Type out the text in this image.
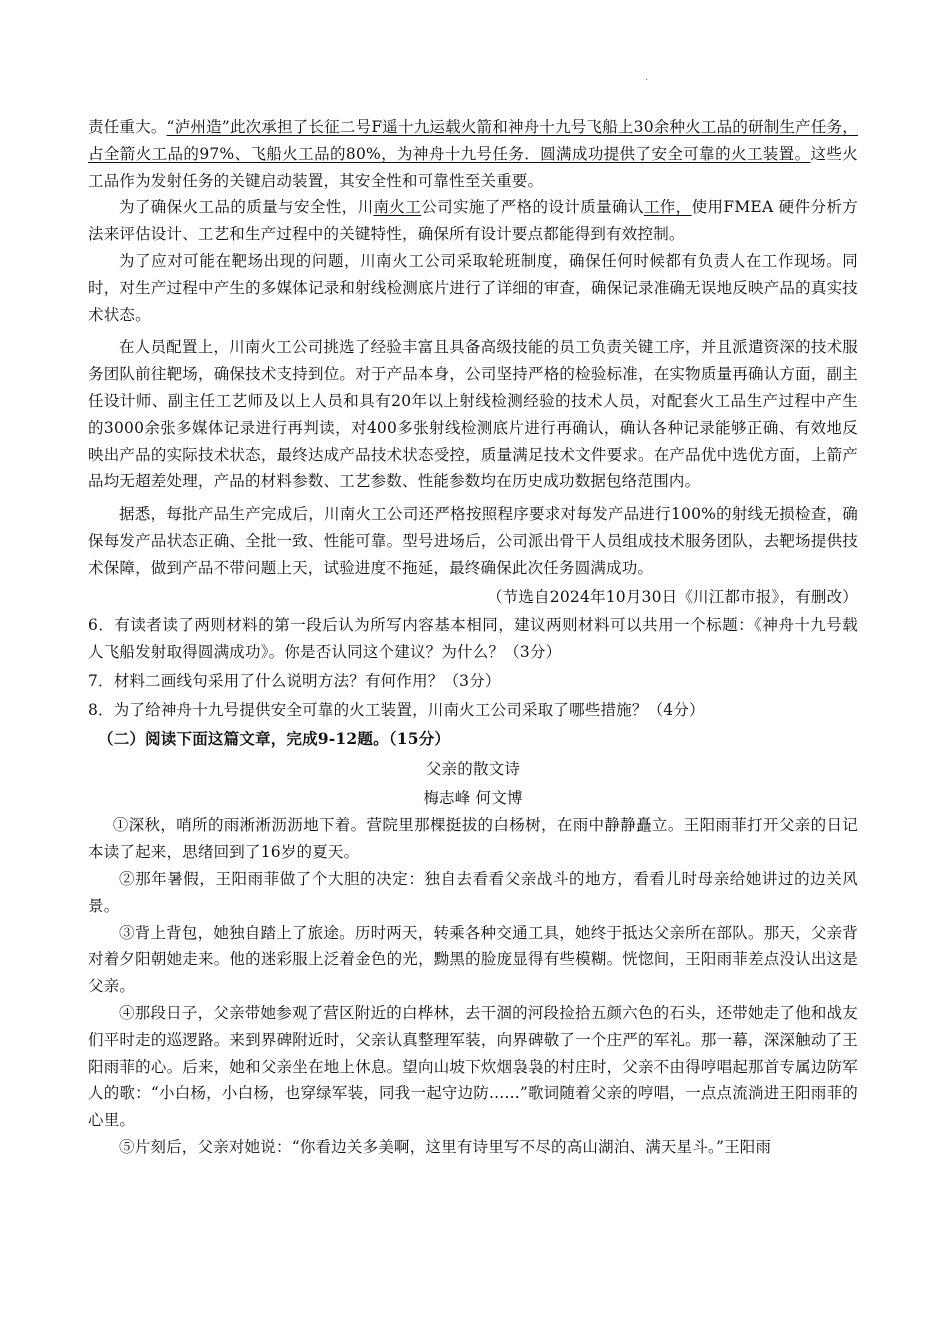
.

责任重大。“泸州造”此次承担了长征二号F遥十九运载火箭和神舟十九号飞船上30余种火工品的研制生产任务，占全箭火工品的97%、飞船火工品的80%，为神舟十九号任务．圆满成功提供了安全可靠的火工装置。这些火工品作为发射任务的关键启动装置，其安全性和可靠性至关重要。

为了确保火工品的质量与安全性，川南火工公司实施了严格的设计质量确认工作，使用FMEA 硬件分析方法来评估设计、工艺和生产过程中的关键特性，确保所有设计要点都能得到有效控制。

为了应对可能在靶场出现的问题，川南火工公司采取轮班制度，确保任何时候都有负责人在工作现场。同时，对生产过程中产生的多媒体记录和射线检测底片进行了详细的审查，确保记录准确无误地反映产品的真实技术状态。

在人员配置上，川南火工公司挑选了经验丰富且具备高级技能的员工负责关键工序，并且派遣资深的技术服务团队前往靶场，确保技术支持到位。对于产品本身，公司坚持严格的检验标准，在实物质量再确认方面，副主任设计师、副主任工艺师及以上人员和具有20年以上射线检测经验的技术人员，对配套火工品生产过程中产生的3000余张多媒体记录进行再判读，对400多张射线检测底片进行再确认，确认各种记录能够正确、有效地反映出产品的实际技术状态，最终达成产品技术状态受控，质量满足技术文件要求。在产品优中选优方面，上箭产品均无超差处理，产品的材料参数、工艺参数、性能参数均在历史成功数据包络范围内。

据悉，每批产品生产完成后，川南火工公司还严格按照程序要求对每发产品进行100%的射线无损检查，确保每发产品状态正确、全批一致、性能可靠。型号进场后，公司派出骨干人员组成技术服务团队，去靶场提供技术保障，做到产品不带问题上天，试验进度不拖延，最终确保此次任务圆满成功。

（节选自2024年10月30日《川江都市报》，有删改）

6．有读者读了两则材料的第一段后认为所写内容基本相同，建议两则材料可以共用一个标题：《神舟十九号载人飞船发射取得圆满成功》。你是否认同这个建议？为什么？（3分）

7．材料二画线句采用了什么说明方法？有何作用？（3分）

8．为了给神舟十九号提供安全可靠的火工装置，川南火工公司采取了哪些措施？（4分）

（二）阅读下面这篇文章，完成9-12题。（15分）

父亲的散文诗

梅志峰 何文博

①深秋，哨所的雨淅淅沥沥地下着。营院里那棵挺拔的白杨树，在雨中静静矗立。王阳雨菲打开父亲的日记本读了起来，思绪回到了16岁的夏天。

②那年暑假，王阳雨菲做了个大胆的决定：独自去看看父亲战斗的地方，看看儿时母亲给她讲过的边关风景。

③背上背包，她独自踏上了旅途。历时两天，转乘各种交通工具，她终于抵达父亲所在部队。那天，父亲背对着夕阳朝她走来。他的迷彩服上泛着金色的光，黝黑的脸庞显得有些模糊。恍惚间，王阳雨菲差点没认出这是父亲。

④那段日子，父亲带她参观了营区附近的白桦林，去干涸的河段捡拾五颜六色的石头，还带她走了他和战友们平时走的巡逻路。来到界碑附近时，父亲认真整理军装，向界碑敬了一个庄严的军礼。那一幕，深深触动了王阳雨菲的心。后来，她和父亲坐在地上休息。望向山坡下炊烟袅袅的村庄时，父亲不由得哼唱起那首专属边防军人的歌：“小白杨，小白杨，也穿绿军装，同我一起守边防......”歌词随着父亲的哼唱，一点点流淌进王阳雨菲的心里。

⑤片刻后，父亲对她说：“你看边关多美啊，这里有诗里写不尽的高山湖泊、满天星斗。”王阳雨
